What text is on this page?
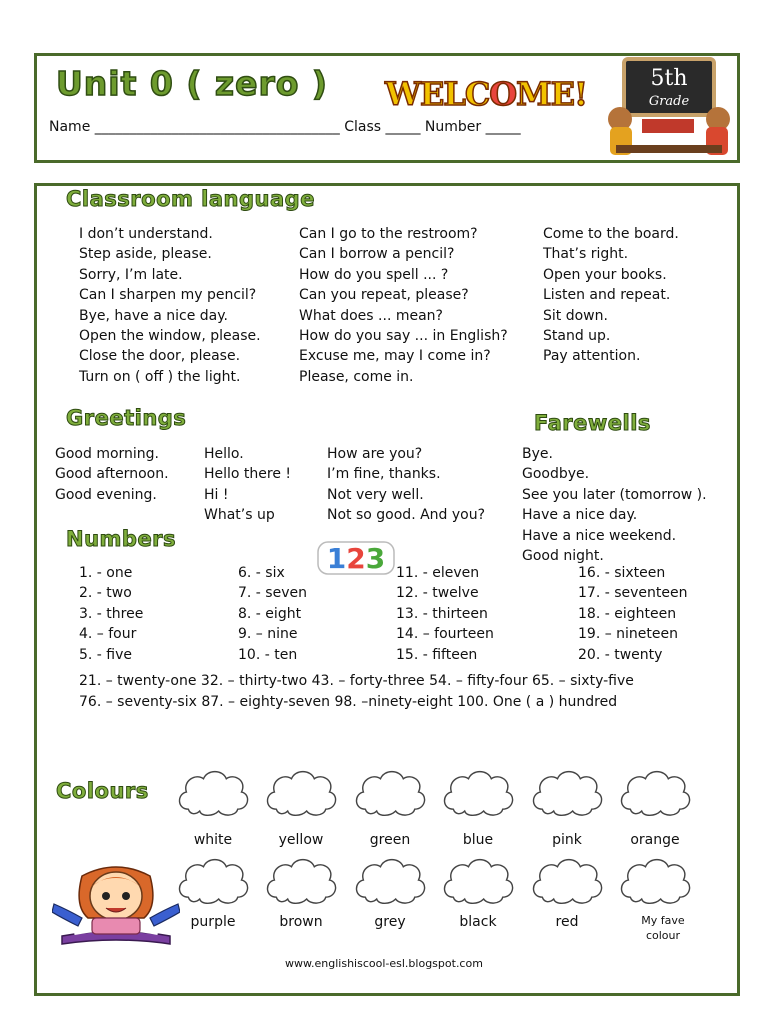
Unit 0 ( zero ) WELCOME!
Name ___________________________________ Class _____ Number _____
5th
Grade
Classroom language
I don’t understand.
Step aside, please.
Sorry, I’m late.
Can I sharpen my pencil?
Bye, have a nice day.
Open the window, please.
Close the door, please.
Turn on ( off ) the light.
Can I go to the restroom?
Can I borrow a pencil?
How do you spell ... ?
Can you repeat, please?
What does ... mean?
How do you say ... in English?
Excuse me, may I come in?
Please, come in.
Come to the board.
That’s right.
Open your books.
Listen and repeat.
Sit down.
Stand up.
Pay attention.
Greetings
Good morning.
Good afternoon.
Good evening.
Hello.
Hello there !
Hi !
What’s up
How are you?
I’m fine, thanks.
Not very well.
Not so good. And you?
Farewells
Bye.
Goodbye.
See you later (tomorrow ).
Have a nice day.
Have a nice weekend.
Good night.
Numbers
123
1. - one
2. - two
3. - three
4. – four
5. - five
6. - six
7. - seven
8. - eight
9. – nine
10. - ten
11. - eleven
12. - twelve
13. - thirteen
14. – fourteen
15. - fifteen
16. - sixteen
17. - seventeen
18. - eighteen
19. – nineteen
20. - twenty
21. – twenty-one 32. – thirty-two 43. – forty-three 54. – fifty-four 65. – sixty-five
76. – seventy-six 87. – eighty-seven 98. –ninety-eight 100. One ( a ) hundred
Colours
white	yellow	green	blue	pink	orange
purple	brown	grey	black	red	My fave
colour
www.englishiscool-esl.blogspot.com
